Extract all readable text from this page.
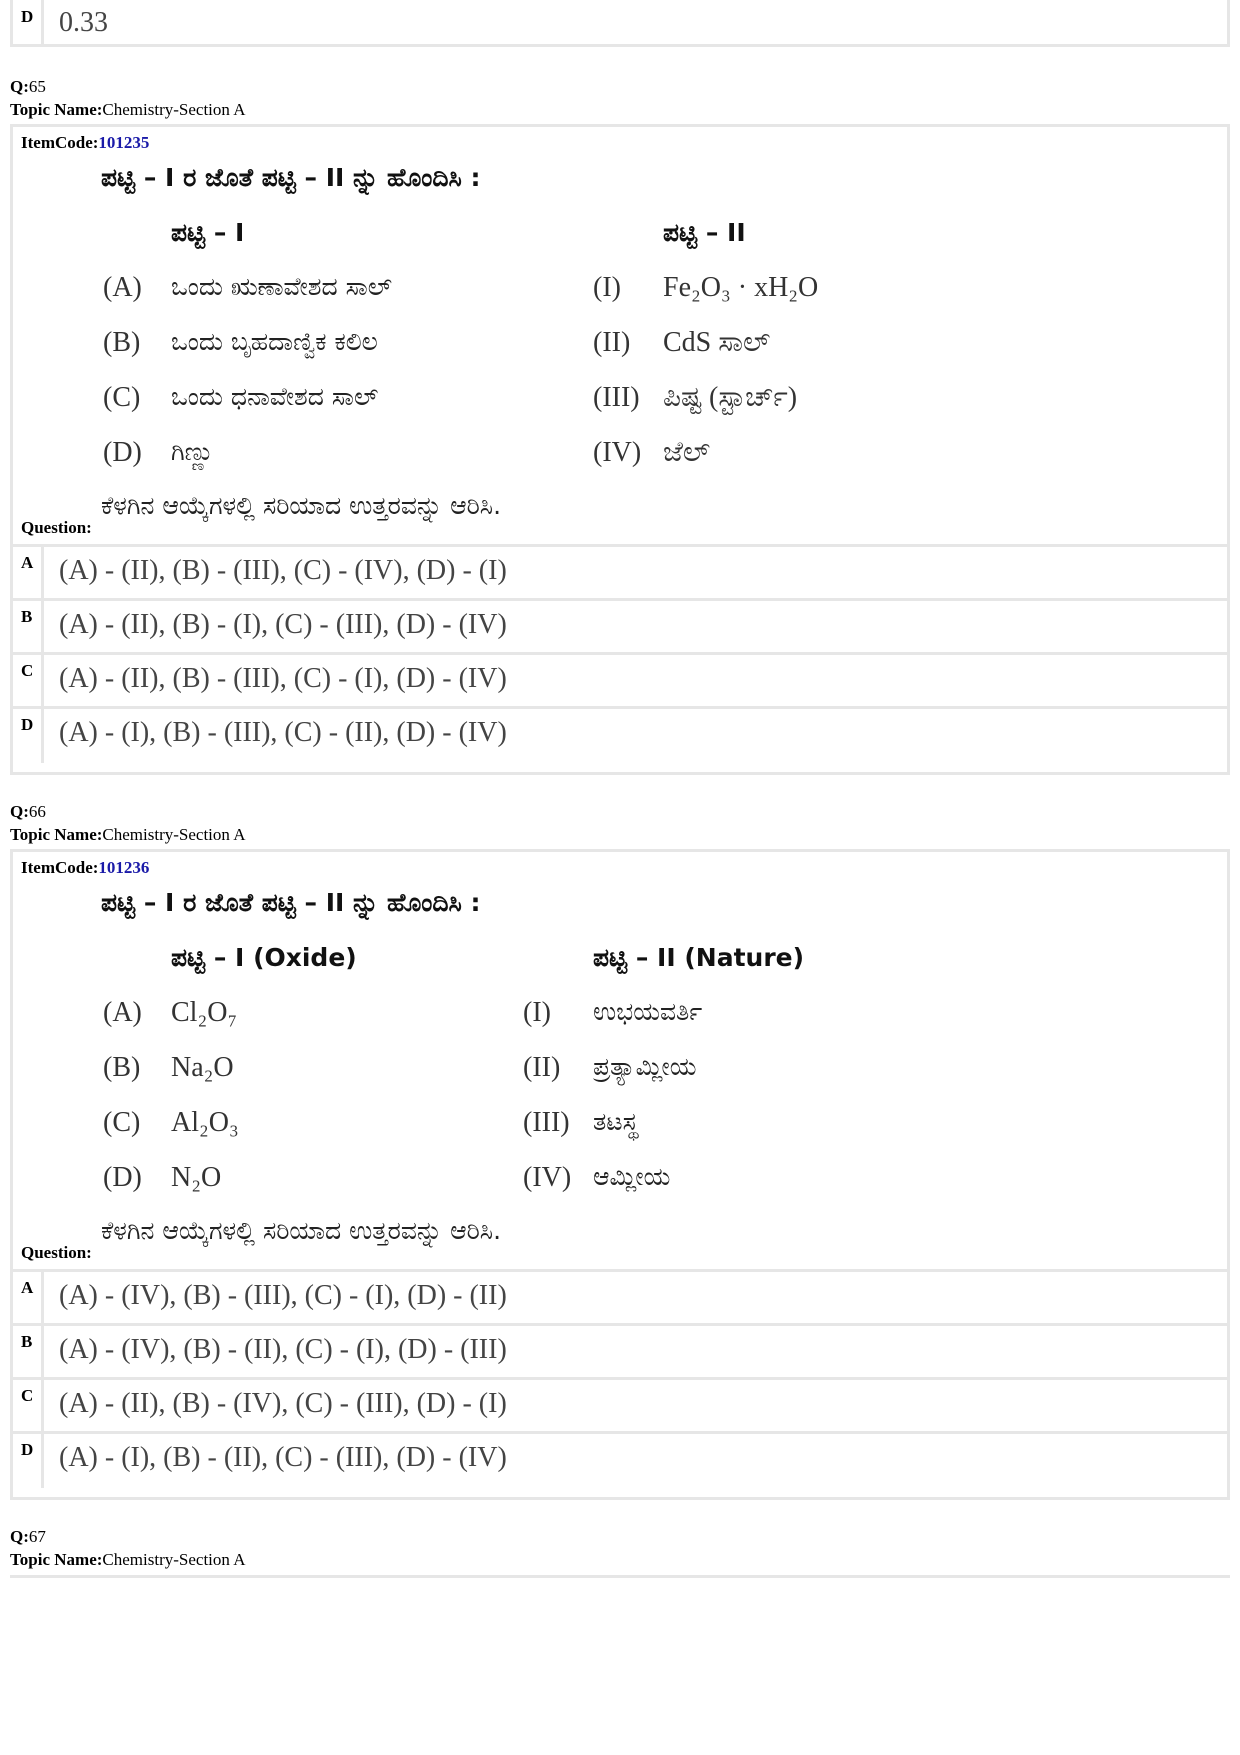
D 0.33
Q:65
Topic Name:Chemistry-Section A
ItemCode:101235
ಪಟ್ಟಿ – I ರ ಜೊತೆ ಪಟ್ಟಿ – II ನ್ನು ಹೊಂದಿಸಿ :
ಪಟ್ಟಿ – I	ಪಟ್ಟಿ – II
(A) ಒಂದು ಋಣಾವೇಶದ ಸಾಲ್	(I) Fe₂O₃ · xH₂O
(B) ಒಂದು ಬೃಹದಾಣ್ವಿಕ ಕಲಿಲ	(II) CdS ಸಾಲ್
(C) ಒಂದು ಧನಾವೇಶದ ಸಾಲ್	(III) ಪಿಷ್ಟ (ಸ್ಟಾರ್ಚ್)
(D) ಗಿಣ್ಣು	(IV) ಜೆಲ್
ಕೆಳಗಿನ ಆಯ್ಕೆಗಳಲ್ಲಿ ಸರಿಯಾದ ಉತ್ತರವನ್ನು ಆರಿಸಿ.
Question:
A (A) - (II), (B) - (III), (C) - (IV), (D) - (I)
B (A) - (II), (B) - (I), (C) - (III), (D) - (IV)
C (A) - (II), (B) - (III), (C) - (I), (D) - (IV)
D (A) - (I), (B) - (III), (C) - (II), (D) - (IV)
Q:66
Topic Name:Chemistry-Section A
ItemCode:101236
ಪಟ್ಟಿ – I ರ ಜೊತೆ ಪಟ್ಟಿ – II ನ್ನು ಹೊಂದಿಸಿ :
ಪಟ್ಟಿ – I (Oxide)	ಪಟ್ಟಿ – II (Nature)
(A) Cl₂O₇	(I) ಉಭಯವರ್ತಿ
(B) Na₂O	(II) ಪ್ರತ್ಯಾಮ್ಲೀಯ
(C) Al₂O₃	(III) ತಟಸ್ಥ
(D) N₂O	(IV) ಆಮ್ಲೀಯ
ಕೆಳಗಿನ ಆಯ್ಕೆಗಳಲ್ಲಿ ಸರಿಯಾದ ಉತ್ತರವನ್ನು ಆರಿಸಿ.
Question:
A (A) - (IV), (B) - (III), (C) - (I), (D) - (II)
B (A) - (IV), (B) - (II), (C) - (I), (D) - (III)
C (A) - (II), (B) - (IV), (C) - (III), (D) - (I)
D (A) - (I), (B) - (II), (C) - (III), (D) - (IV)
Q:67
Topic Name:Chemistry-Section A
